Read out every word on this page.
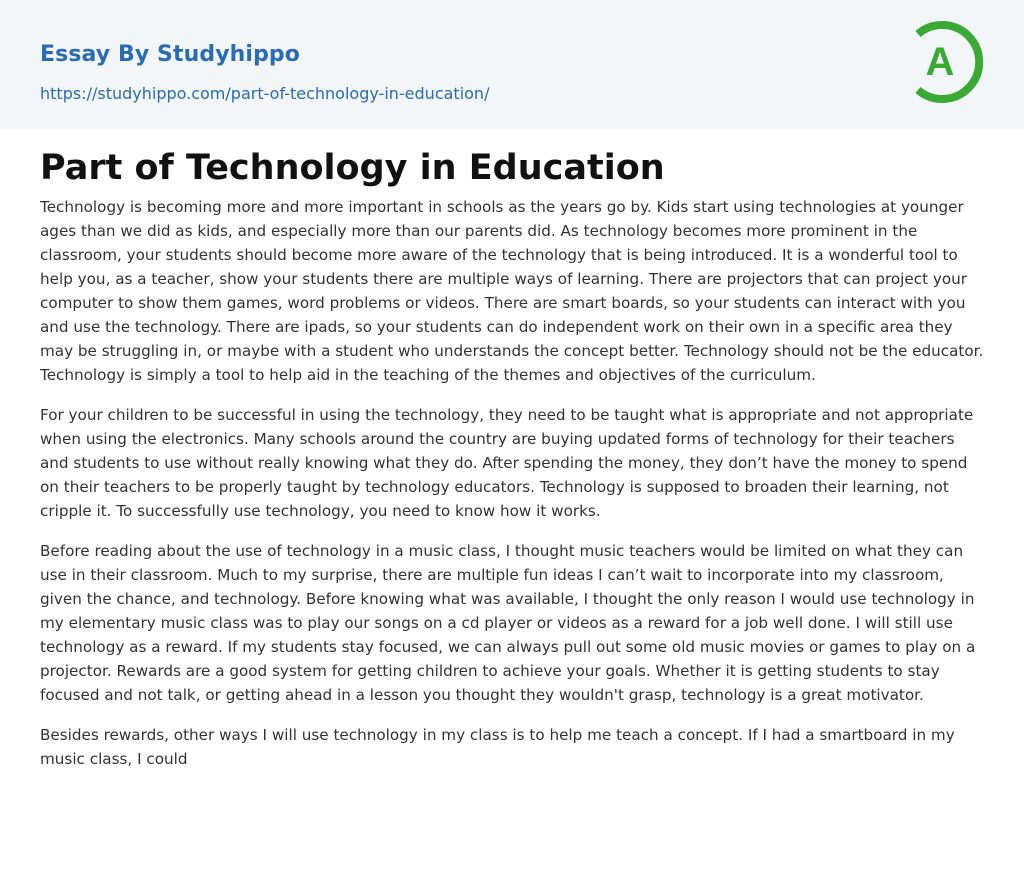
Essay By Studyhippo
https://studyhippo.com/part-of-technology-in-education/
A
Part of Technology in Education

Technology is becoming more and more important in schools as the years go by. Kids start using technologies at younger ages than we did as kids, and especially more than our parents did. As technology becomes more prominent in the classroom, your students should become more aware of the technology that is being introduced. It is a wonderful tool to help you, as a teacher, show your students there are multiple ways of learning. There are projectors that can project your computer to show them games, word problems or videos. There are smart boards, so your students can interact with you and use the technology. There are ipads, so your students can do independent work on their own in a specific area they may be struggling in, or maybe with a student who understands the concept better. Technology should not be the educator. Technology is simply a tool to help aid in the teaching of the themes and objectives of the curriculum.

For your children to be successful in using the technology, they need to be taught what is appropriate and not appropriate when using the electronics. Many schools around the country are buying updated forms of technology for their teachers and students to use without really knowing what they do. After spending the money, they don’t have the money to spend on their teachers to be properly taught by technology educators. Technology is supposed to broaden their learning, not cripple it. To successfully use technology, you need to know how it works.

Before reading about the use of technology in a music class, I thought music teachers would be limited on what they can use in their classroom. Much to my surprise, there are multiple fun ideas I can’t wait to incorporate into my classroom, given the chance, and technology. Before knowing what was available, I thought the only reason I would use technology in my elementary music class was to play our songs on a cd player or videos as a reward for a job well done. I will still use technology as a reward. If my students stay focused, we can always pull out some old music movies or games to play on a projector. Rewards are a good system for getting children to achieve your goals. Whether it is getting students to stay focused and not talk, or getting ahead in a lesson you thought they wouldn't grasp, technology is a great motivator.

Besides rewards, other ways I will use technology in my class is to help me teach a concept. If I had a smartboard in my music class, I could
